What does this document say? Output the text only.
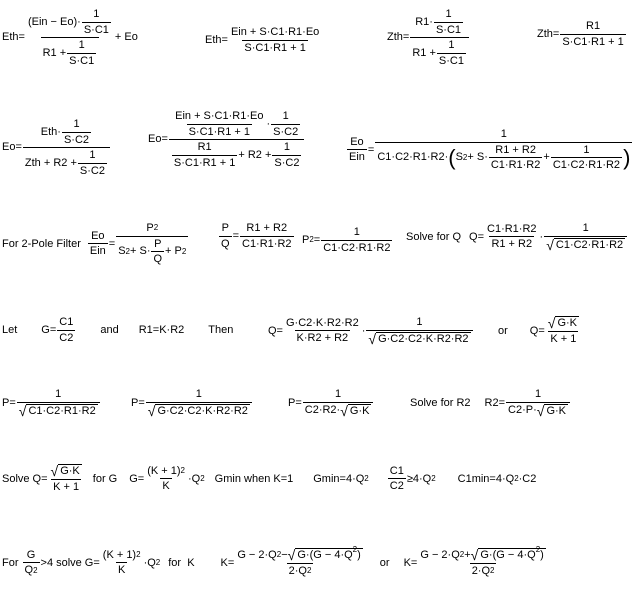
$Eth= \frac{(Ein - Eo)\cdot \frac{1}{S\cdot C1}}{R1 + \frac{1}{S\cdot C1}} + Eo$	$Eth= \frac{\text{Ein + S·C1·R1·Eo}}{S\cdot C1\cdot R1 + 1}$	$Zth= \frac{R1\cdot \frac{1}{S\cdot C1}}{R1 + \frac{1}{S\cdot C1}}$	$Zth= \frac{R1}{S\cdot C1\cdot R1 + 1}$
$Eo= \frac{Eth\cdot \frac{1}{S\cdot C2}}{Zth + R2 + \frac{1}{S\cdot C2}}$	$Eo= \frac{\frac{\text{Ein + S·C1·R1·Eo}}{S\cdot C1\cdot R1 + 1} \cdot \frac{1}{S\cdot C2}}{\frac{R1}{S\cdot C1\cdot R1 + 1} + R2 + \frac{1}{S\cdot C2}}$	$\frac{Eo}{\text{Ein}}$ =
1
C1·C2·R1·R2· ( S $2 + S\cdot \frac{R1 + R2}{C1\cdot R1\cdot R2} + \frac{1}{C1\cdot C2\cdot R1\cdot R2}$ )
For 2-Pole Filter $\frac{Eo}{\text{Ein}} = \frac{P 2}{S 2 + S\cdot \frac{P}{Q} + P 2}$	$\frac{P}{Q} = \frac{R1 + R2}{C1\cdot R1\cdot R2}$ P $2 = \frac{1}{C1\cdot C2\cdot R1\cdot R2}$ Solve for Q $Q= \frac{C1\cdot R1\cdot R2}{R1 + R2} \cdot \frac{1}{√ C1\cdot C2\cdot R1\cdot R2}$
Let $G= \frac{C1}{C2}$ and R1=K·R2 Then	$Q= \frac{G\cdot C2\cdot K\cdot R2\cdot R2}{K\cdot R2 + R2} \cdot \frac{1}{√ G\cdot C2\cdot C2\cdot K\cdot R2\cdot R2}$ or $Q= \frac{√ G\cdot K}{K + 1}$
$P= \frac{1}{√ C1\cdot C2\cdot R1\cdot R2}$	$P= \frac{1}{√ G\cdot C2\cdot C2\cdot K\cdot R2\cdot R2}$	$P= \frac{1}{C2\cdot R2\cdot √ G\cdot K}$	Solve for R2 $R2= \frac{1}{C2\cdot P\cdot √ G\cdot K}$
Solve $Q= \frac{√ G\cdot K}{K + 1}$ for G $G= \frac{(K + 1) 2}{K} \cdot Q$ 2 Gmin when K=1 Gmin=4·Q $2 \frac{C1}{C2} \ge 4\cdot Q$ 2 C1min=4·Q 2 ·C2
For $\frac{G}{Q 2} >4$ solve $G= \frac{(K + 1) 2}{K} \cdot Q$ 2 for  K $K= \frac{G - 2\cdot Q 2 - √ G\cdot(G - 4\cdot Q^2)}{2\cdot Q 2}$ or $K= \frac{G - 2\cdot Q 2 + √ G\cdot(G - 4\cdot Q^2)}{2\cdot Q 2}$
